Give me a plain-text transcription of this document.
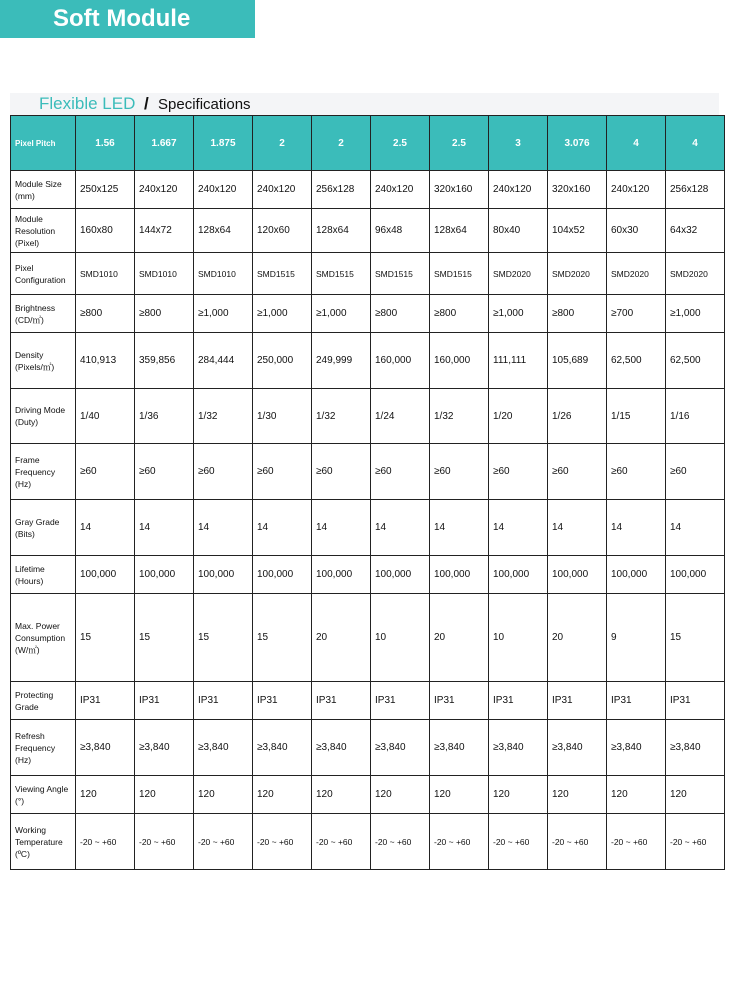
Soft Module
Flexible LED / Specifications
Pixel Pitch	1.56	1.667	1.875	2	2	2.5	2.5	3	3.076	4	4
Module Size (mm)	250x125	240x120	240x120	240x120	256x128	240x120	320x160	240x120	320x160	240x120	256x128
Module Resolution (Pixel)	160x80	144x72	128x64	120x60	128x64	96x48	128x64	80x40	104x52	60x30	64x32
Pixel Configuration	SMD1010	SMD1010	SMD1010	SMD1515	SMD1515	SMD1515	SMD1515	SMD2020	SMD2020	SMD2020	SMD2020
Brightness (CD/㎡)	≥800	≥800	≥1,000	≥1,000	≥1,000	≥800	≥800	≥1,000	≥800	≥700	≥1,000
Density (Pixels/㎡)	410,913	359,856	284,444	250,000	249,999	160,000	160,000	111,111	105,689	62,500	62,500
Driving Mode (Duty)	1/40	1/36	1/32	1/30	1/32	1/24	1/32	1/20	1/26	1/15	1/16
Frame Frequency (Hz)	≥60	≥60	≥60	≥60	≥60	≥60	≥60	≥60	≥60	≥60	≥60
Gray Grade (Bits)	14	14	14	14	14	14	14	14	14	14	14
Lifetime (Hours)	100,000	100,000	100,000	100,000	100,000	100,000	100,000	100,000	100,000	100,000	100,000
Max. Power Consumption (W/㎡)	15	15	15	15	20	10	20	10	20	9	15
Protecting Grade	IP31	IP31	IP31	IP31	IP31	IP31	IP31	IP31	IP31	IP31	IP31
Refresh Frequency (Hz)	≥3,840	≥3,840	≥3,840	≥3,840	≥3,840	≥3,840	≥3,840	≥3,840	≥3,840	≥3,840	≥3,840
Viewing Angle (°)	120	120	120	120	120	120	120	120	120	120	120
Working Temperature (ºC)	-20 ~ +60	-20 ~ +60	-20 ~ +60	-20 ~ +60	-20 ~ +60	-20 ~ +60	-20 ~ +60	-20 ~ +60	-20 ~ +60	-20 ~ +60	-20 ~ +60
